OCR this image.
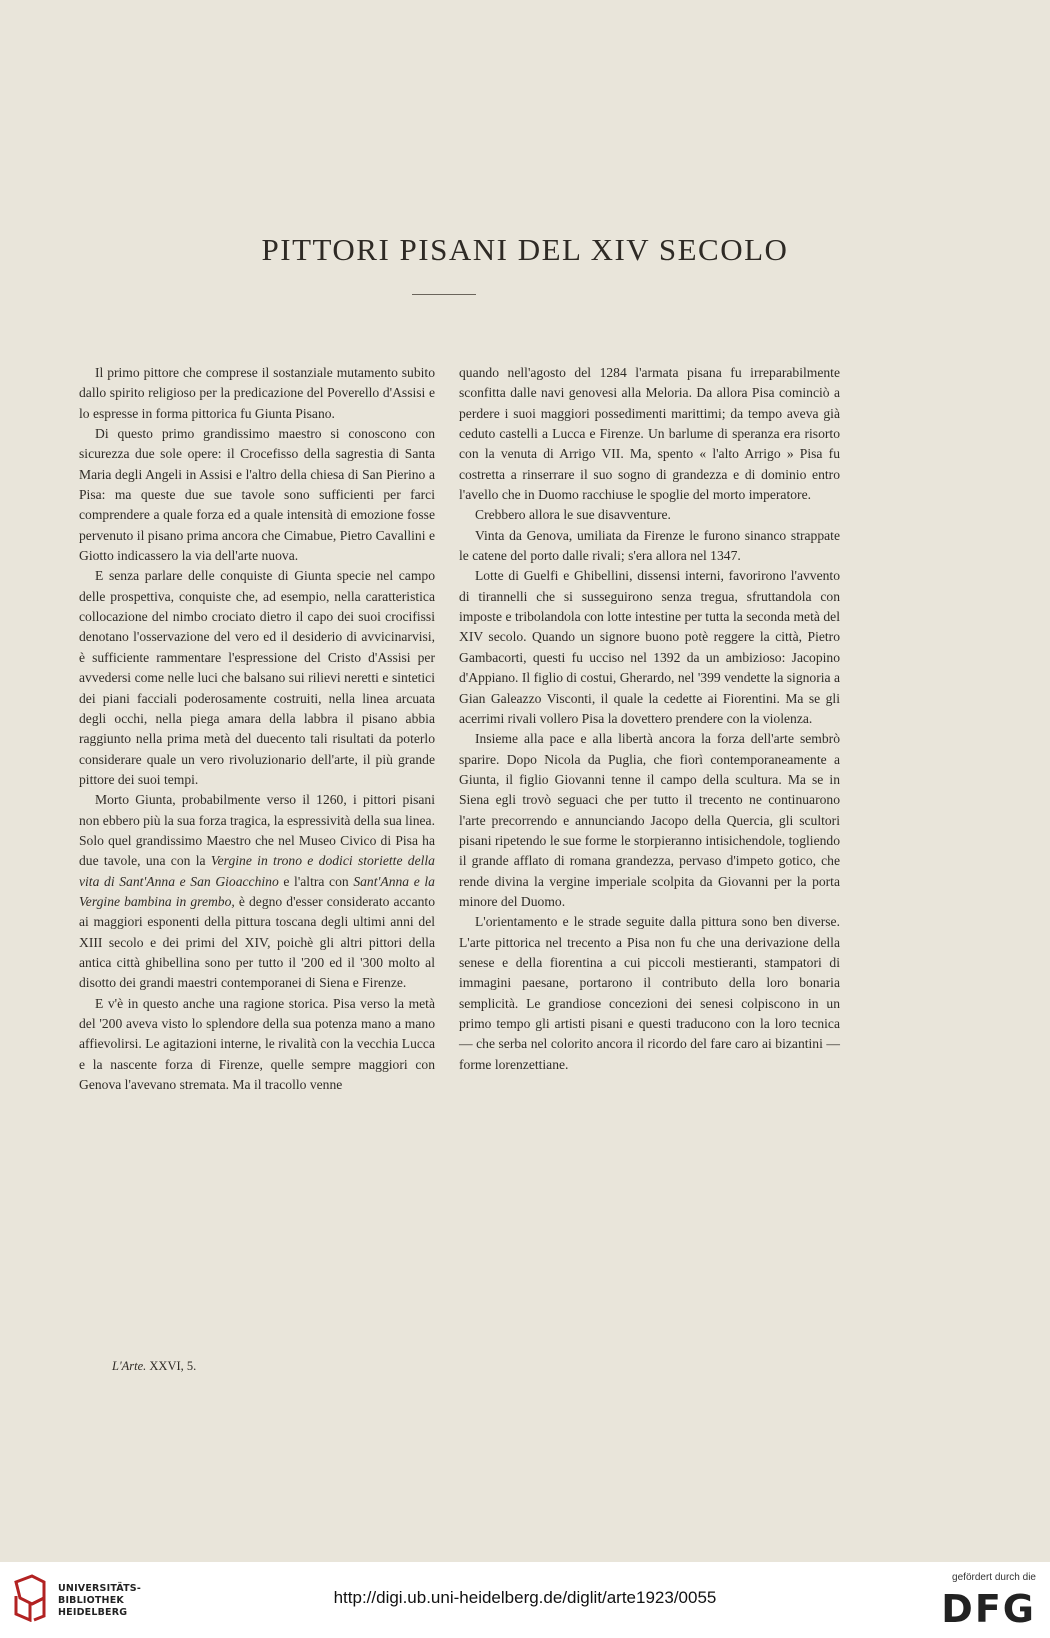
PITTORI PISANI DEL XIV SECOLO

Il primo pittore che comprese il sostanziale mutamento subito dallo spirito religioso per la predicazione del Poverello d'Assisi e lo espresse in forma pittorica fu Giunta Pisano.

Di questo primo grandissimo maestro si conoscono con sicurezza due sole opere: il Crocefisso della sagrestia di Santa Maria degli Angeli in Assisi e l'altro della chiesa di San Pierino a Pisa: ma queste due sue tavole sono sufficienti per farci comprendere a quale forza ed a quale intensità di emozione fosse pervenuto il pisano prima ancora che Cimabue, Pietro Cavallini e Giotto indicassero la via dell'arte nuova.

E senza parlare delle conquiste di Giunta specie nel campo delle prospettiva, conquiste che, ad esempio, nella caratteristica collocazione del nimbo crociato dietro il capo dei suoi crocifissi denotano l'osservazione del vero ed il desiderio di avvicinarvisi, è sufficiente rammentare l'espressione del Cristo d'Assisi per avvedersi come nelle luci che balsano sui rilievi neretti e sintetici dei piani facciali poderosamente costruiti, nella linea arcuata degli occhi, nella piega amara della labbra il pisano abbia raggiunto nella prima metà del duecento tali risultati da poterlo considerare quale un vero rivoluzionario dell'arte, il più grande pittore dei suoi tempi.

Morto Giunta, probabilmente verso il 1260, i pittori pisani non ebbero più la sua forza tragica, la espressività della sua linea. Solo quel grandissimo Maestro che nel Museo Civico di Pisa ha due tavole, una con la Vergine in trono e dodici storiette della vita di Sant'Anna e San Gioacchino e l'altra con Sant'Anna e la Vergine bambina in grembo, è degno d'esser considerato accanto ai maggiori esponenti della pittura toscana degli ultimi anni del XIII secolo e dei primi del XIV, poichè gli altri pittori della antica città ghibellina sono per tutto il '200 ed il '300 molto al disotto dei grandi maestri contemporanei di Siena e Firenze.

E v'è in questo anche una ragione storica. Pisa verso la metà del '200 aveva visto lo splendore della sua potenza mano a mano affievolirsi. Le agitazioni interne, le rivalità con la vecchia Lucca e la nascente forza di Firenze, quelle sempre maggiori con Genova l'avevano stremata. Ma il tracollo venne

quando nell'agosto del 1284 l'armata pisana fu irreparabilmente sconfitta dalle navi genovesi alla Meloria. Da allora Pisa cominciò a perdere i suoi maggiori possedimenti marittimi; da tempo aveva già ceduto castelli a Lucca e Firenze. Un barlume di speranza era risorto con la venuta di Arrigo VII. Ma, spento « l'alto Arrigo » Pisa fu costretta a rinserrare il suo sogno di grandezza e di dominio entro l'avello che in Duomo racchiuse le spoglie del morto imperatore.

Crebbero allora le sue disavventure.

Vinta da Genova, umiliata da Firenze le furono sinanco strappate le catene del porto dalle rivali; s'era allora nel 1347.

Lotte di Guelfi e Ghibellini, dissensi interni, favorirono l'avvento di tirannelli che si susseguirono senza tregua, sfruttandola con imposte e tribolandola con lotte intestine per tutta la seconda metà del XIV secolo. Quando un signore buono potè reggere la città, Pietro Gambacorti, questi fu ucciso nel 1392 da un ambizioso: Jacopino d'Appiano. Il figlio di costui, Gherardo, nel '399 vendette la signoria a Gian Galeazzo Visconti, il quale la cedette ai Fiorentini. Ma se gli acerrimi rivali vollero Pisa la dovettero prendere con la violenza.

Insieme alla pace e alla libertà ancora la forza dell'arte sembrò sparire. Dopo Nicola da Puglia, che fiorì contemporaneamente a Giunta, il figlio Giovanni tenne il campo della scultura. Ma se in Siena egli trovò seguaci che per tutto il trecento ne continuarono l'arte precorrendo e annunciando Jacopo della Quercia, gli scultori pisani ripetendo le sue forme le storpieranno intisichendole, togliendo il grande afflato di romana grandezza, pervaso d'impeto gotico, che rende divina la vergine imperiale scolpita da Giovanni per la porta minore del Duomo.

L'orientamento e le strade seguite dalla pittura sono ben diverse. L'arte pittorica nel trecento a Pisa non fu che una derivazione della senese e della fiorentina a cui piccoli mestieranti, stampatori di immagini paesane, portarono il contributo della loro bonaria semplicità. Le grandiose concezioni dei senesi colpiscono in un primo tempo gli artisti pisani e questi traducono con la loro tecnica — che serba nel colorito ancora il ricordo del fare caro ai bizantini — forme lorenzettiane.

L'Arte. XXVI, 5.
UNIVERSITÄTS-
BIBLIOTHEK
HEIDELBERG
http://digi.ub.uni-heidelberg.de/diglit/arte1923/0055
gefördert durch die
DFG
